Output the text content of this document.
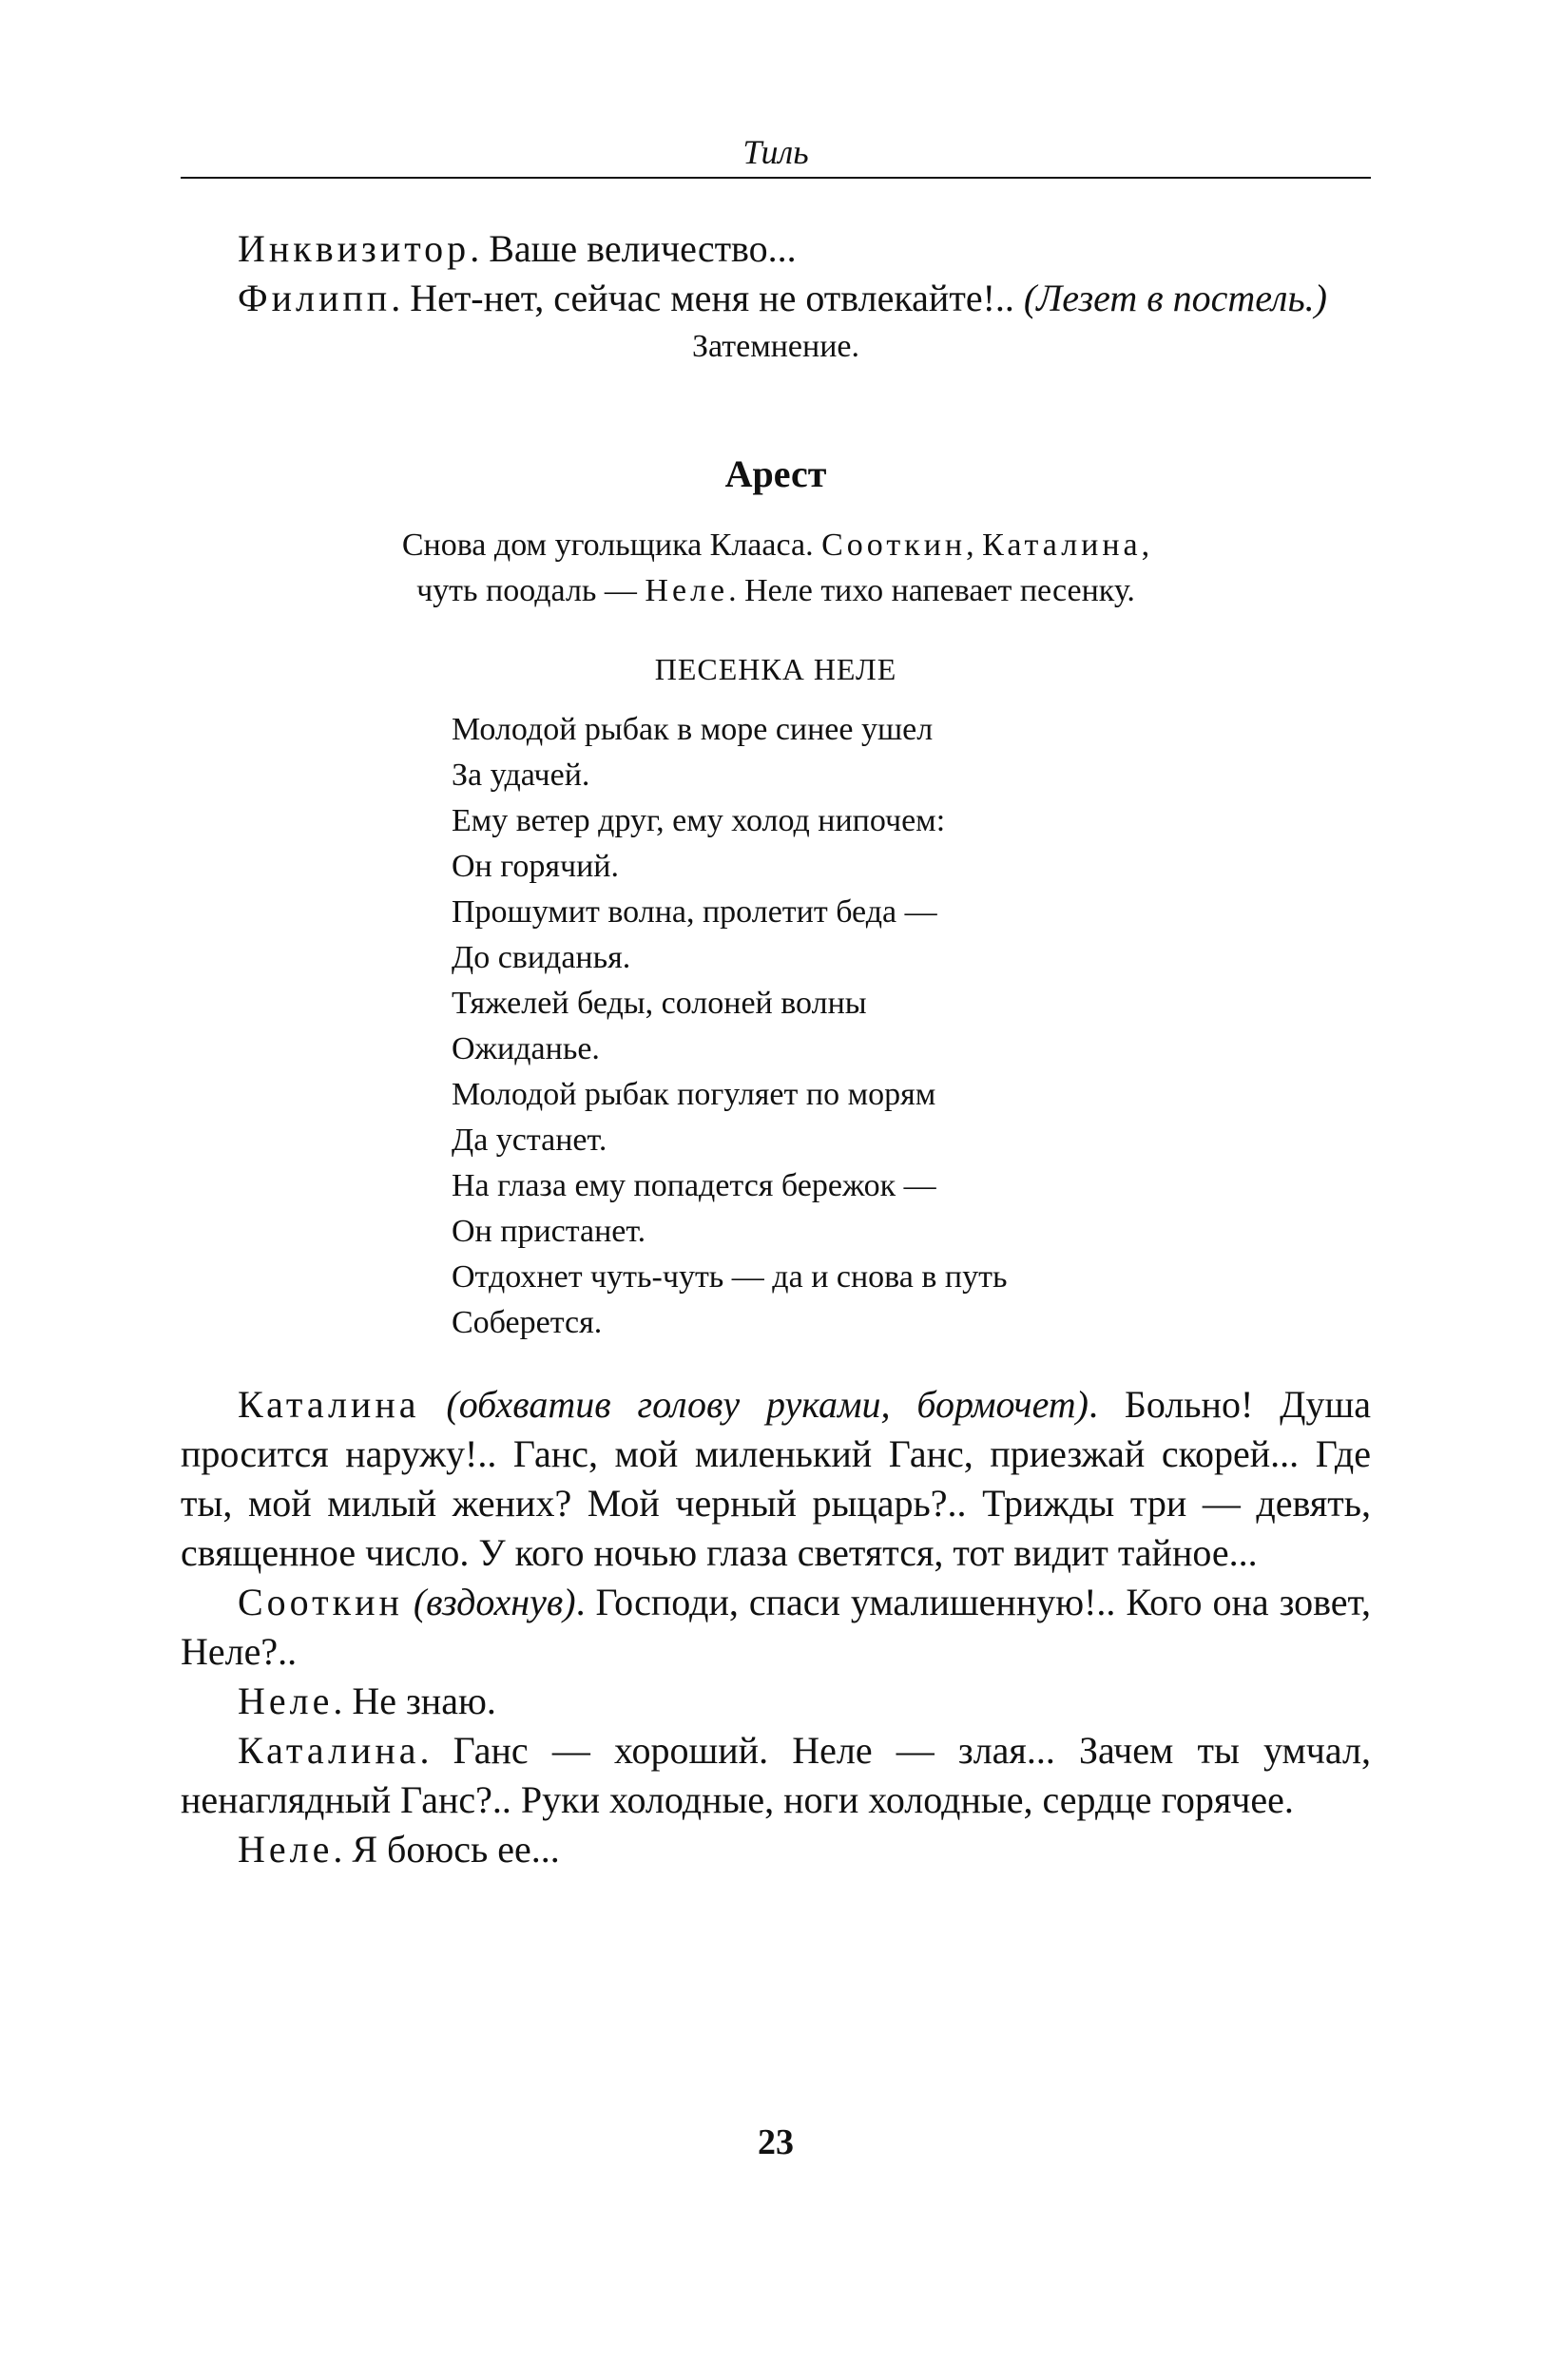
Тиль

Инквизитор. Ваше величество...

Филипп. Нет-нет, сейчас меня не отвлекайте!.. (Лезет в постель.)

Затемнение.

Арест

Снова дом угольщика Клааса. Сооткин, Каталина,

чуть поодаль — Неле. Неле тихо напевает песенку.

ПЕСЕНКА НЕЛЕ
Молодой рыбак в море синее ушел
За удачей.
Ему ветер друг, ему холод нипочем:
Он горячий.
Прошумит волна, пролетит беда —
До свиданья.
Тяжелей беды, солоней волны
Ожиданье.
Молодой рыбак погуляет по морям
Да устанет.
На глаза ему попадется бережок —
Он пристанет.
Отдохнет чуть-чуть — да и снова в путь
Соберется.

Каталина (обхватив голову руками, бормочет). Больно! Душа просится наружу!.. Ганс, мой миленький Ганс, приезжай скорей... Где ты, мой милый жених? Мой черный рыцарь?.. Трижды три — девять, священное число. У кого ночью глаза светятся, тот видит тайное...

Сооткин (вздохнув). Господи, спаси умалишенную!.. Кого она зовет, Неле?..

Неле. Не знаю.

Каталина. Ганс — хороший. Неле — злая... Зачем ты умчал, ненаглядный Ганс?.. Руки холодные, ноги холодные, сердце горячее.

Неле. Я боюсь ее...

23
